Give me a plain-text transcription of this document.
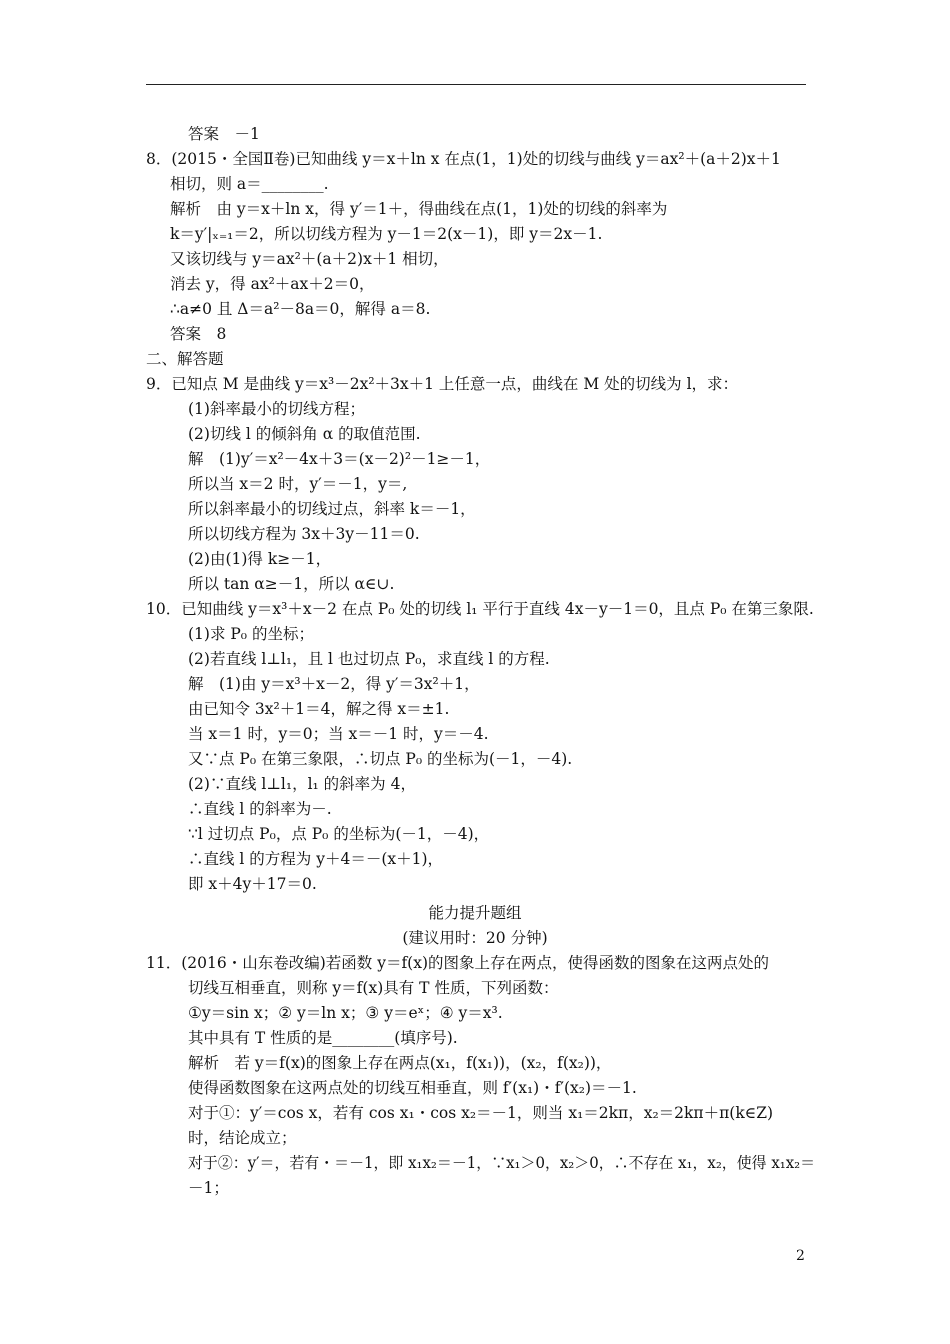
答案　－1
8．(2015・全国Ⅱ卷)已知曲线 y＝x＋ln x 在点(1，1)处的切线与曲线 y＝ax²＋(a＋2)x＋1
相切，则 a＝________.
解析　由 y＝x＋ln x，得 y′＝1＋，得曲线在点(1，1)处的切线的斜率为
k＝y′|ₓ₌₁＝2，所以切线方程为 y－1＝2(x－1)，即 y＝2x－1.
又该切线与 y＝ax²＋(a＋2)x＋1 相切，
消去 y，得 ax²＋ax＋2＝0，
∴a≠0 且 Δ＝a²－8a＝0，解得 a＝8.
答案　8
二、解答题
9．已知点 M 是曲线 y＝x³－2x²＋3x＋1 上任意一点，曲线在 M 处的切线为 l，求：
(1)斜率最小的切线方程；
(2)切线 l 的倾斜角 α 的取值范围.
解　(1)y′＝x²－4x＋3＝(x－2)²－1≥－1，
所以当 x＝2 时，y′＝－1，y＝,
所以斜率最小的切线过点，斜率 k＝－1，
所以切线方程为 3x＋3y－11＝0.
(2)由(1)得 k≥－1，
所以 tan α≥－1，所以 α∈∪.
10．已知曲线 y＝x³＋x－2 在点 P₀ 处的切线 l₁ 平行于直线 4x－y－1＝0，且点 P₀ 在第三象限.
(1)求 P₀ 的坐标；
(2)若直线 l⊥l₁，且 l 也过切点 P₀，求直线 l 的方程.
解　(1)由 y＝x³＋x－2，得 y′＝3x²＋1，
由已知令 3x²＋1＝4，解之得 x＝±1.
当 x＝1 时，y＝0；当 x＝－1 时，y＝－4.
又∵点 P₀ 在第三象限，∴切点 P₀ 的坐标为(－1，－4).
(2)∵直线 l⊥l₁，l₁ 的斜率为 4，
∴直线 l 的斜率为－.
∵l 过切点 P₀，点 P₀ 的坐标为(－1，－4)，
∴直线 l 的方程为 y＋4＝－(x＋1)，
即 x＋4y＋17＝0.
能力提升题组
(建议用时：20 分钟)
11．(2016・山东卷改编)若函数 y＝f(x)的图象上存在两点，使得函数的图象在这两点处的
切线互相垂直，则称 y＝f(x)具有 T 性质，下列函数：
①y＝sin x；② y＝ln x；③ y＝eˣ；④ y＝x³.
其中具有 T 性质的是________(填序号).
解析　若 y＝f(x)的图象上存在两点(x₁，f(x₁))，(x₂，f(x₂))，
使得函数图象在这两点处的切线互相垂直，则 f′(x₁)・f′(x₂)＝－1.
对于①：y′＝cos x，若有 cos x₁・cos x₂＝－1，则当 x₁＝2kπ，x₂＝2kπ＋π(k∈Z)
时，结论成立；
对于②：y′＝，若有・＝－1，即 x₁x₂＝－1，∵x₁＞0，x₂＞0，∴不存在 x₁，x₂，使得 x₁x₂＝
－1；
2
